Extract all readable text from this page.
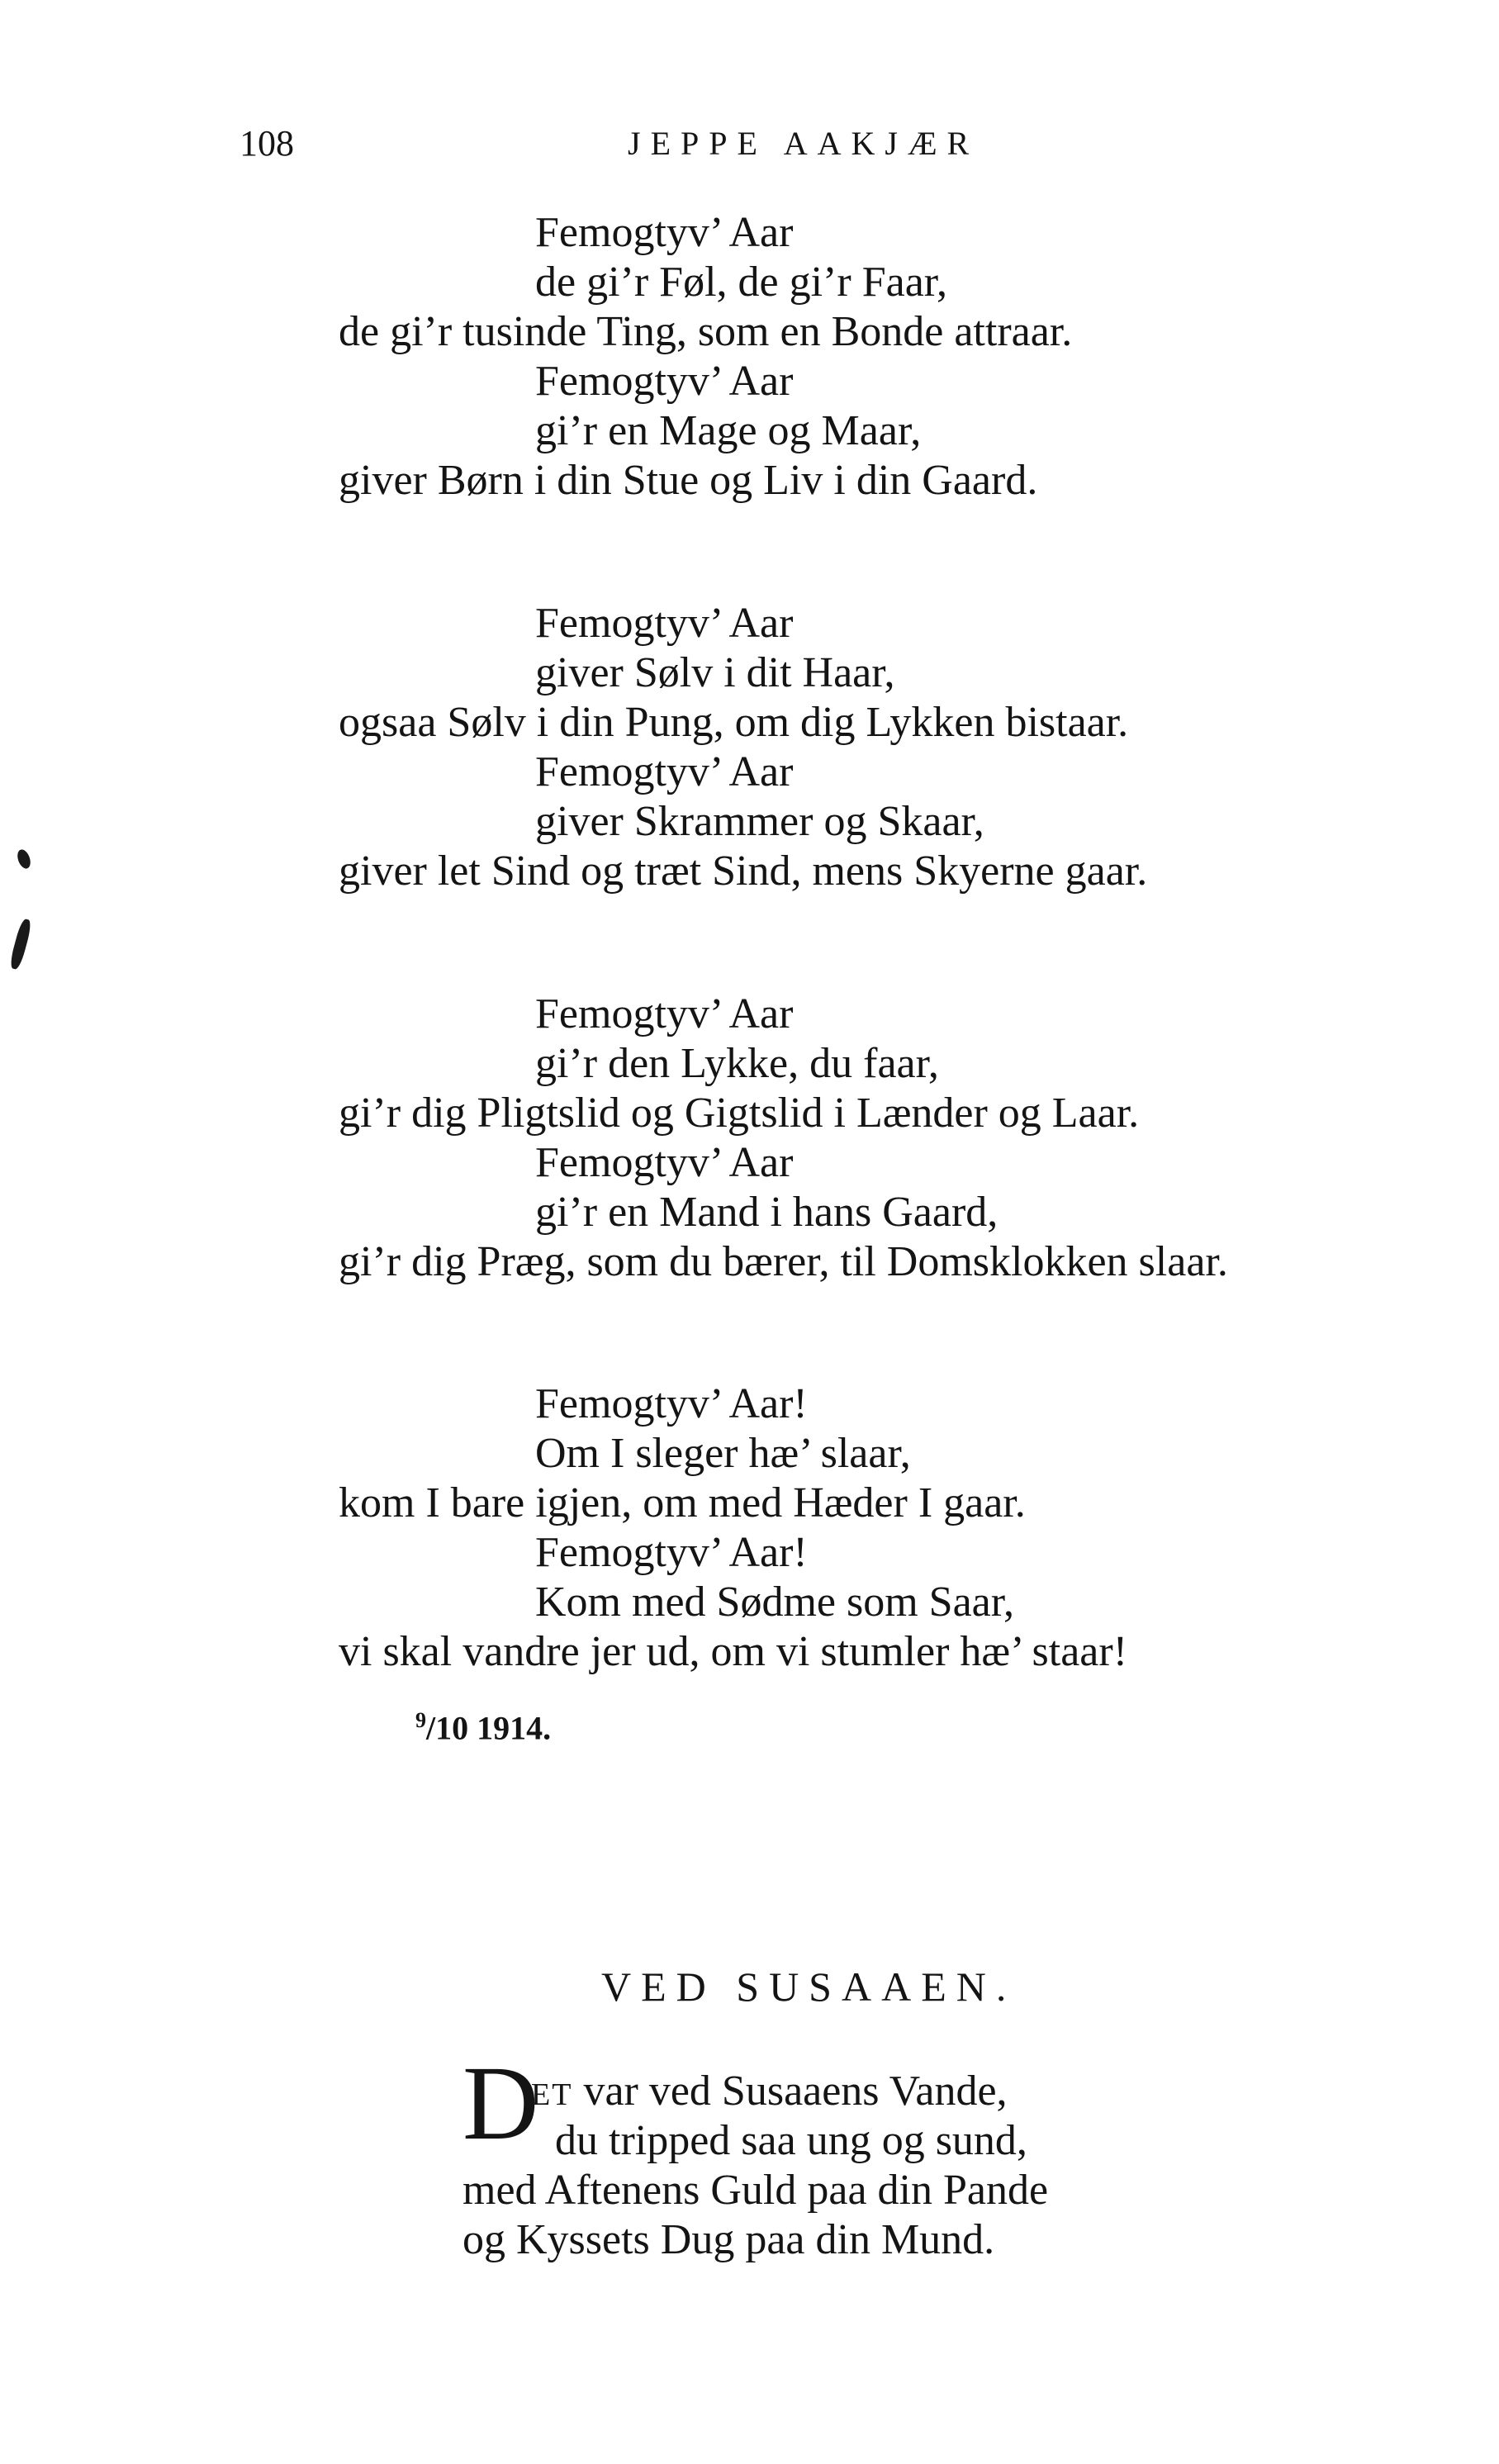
108	JEPPE AAKJÆR
Femogtyv’ Aar
de gi’r Føl, de gi’r Faar,
de gi’r tusinde Ting, som en Bonde attraar.
Femogtyv’ Aar
gi’r en Mage og Maar,
giver Børn i din Stue og Liv i din Gaard.
Femogtyv’ Aar
giver Sølv i dit Haar,
ogsaa Sølv i din Pung, om dig Lykken bistaar.
Femogtyv’ Aar
giver Skrammer og Skaar,
giver let Sind og træt Sind, mens Skyerne gaar.
Femogtyv’ Aar
gi’r den Lykke, du faar,
gi’r dig Pligtslid og Gigtslid i Lænder og Laar.
Femogtyv’ Aar
gi’r en Mand i hans Gaard,
gi’r dig Præg, som du bærer, til Domsklokken slaar.
Femogtyv’ Aar!
Om I sleger hæ’ slaar,
kom I bare igjen, om med Hæder I gaar.
Femogtyv’ Aar!
Kom med Sødme som Saar,
vi skal vandre jer ud, om vi stumler hæ’ staar!
$^9$/10 1914.
VED SUSAAEN.
D
ET var ved Susaaens Vande,
du tripped saa ung og sund,
med Aftenens Guld paa din Pande
og Kyssets Dug paa din Mund.
